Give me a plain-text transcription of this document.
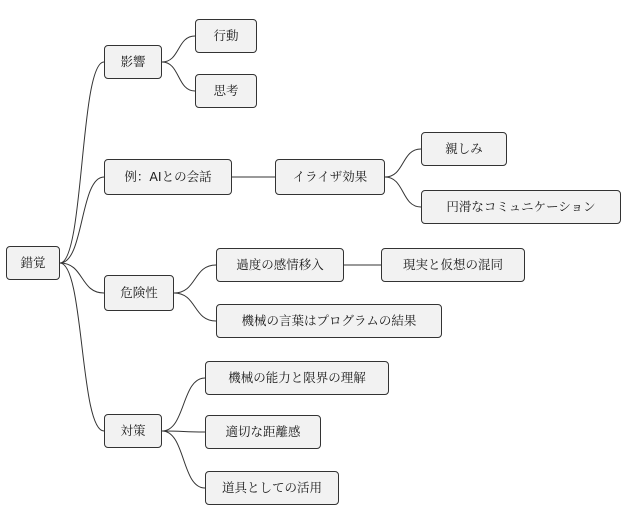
錯覚
影響
行動
思考
例：AIとの会話	イライザ効果
親しみ
円滑なコミュニケーション
危険性
過度の感情移入	現実と仮想の混同
機械の言葉はプログラムの結果
対策
機械の能力と限界の理解
適切な距離感
道具としての活用
